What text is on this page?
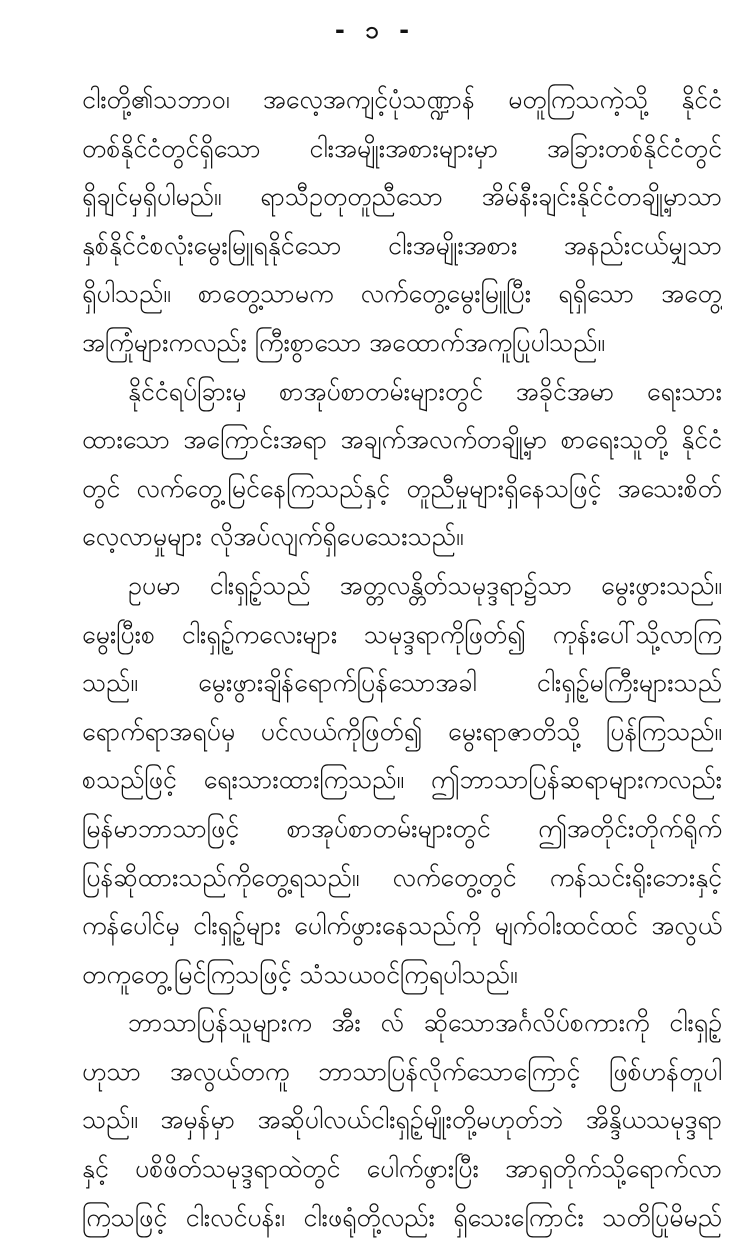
- ၁ -
ငါးတို့၏သဘာဝ၊ အလေ့အကျင့်ပုံသဏ္ဍာန် မတူကြသကဲ့သို့ နိုင်ငံ
တစ်နိုင်ငံတွင်ရှိသော ငါးအမျိုးအစားများမှာ အခြားတစ်နိုင်ငံတွင်
ရှိချင်မှရှိပါမည်။ ရာသီဥတုတူညီသော အိမ်နီးချင်းနိုင်ငံတချို့မှာသာ
နှစ်နိုင်ငံစလုံးမွေးမြူရနိုင်သော ငါးအမျိုးအစား အနည်းငယ်မျှသာ
ရှိပါသည်။ စာတွေ့သာမက လက်တွေ့မွေးမြူပြီး ရရှိသော အတွေ့
အကြုံများကလည်း ကြီးစွာသော အထောက်အကူပြုပါသည်။
နိုင်ငံရပ်ခြားမှ စာအုပ်စာတမ်းများတွင် အခိုင်အမာ ရေးသား
ထားသော အကြောင်းအရာ အချက်အလက်တချို့မှာ စာရေးသူတို့ နိုင်ငံ
တွင် လက်တွေ့မြင်နေကြသည်နှင့် တူညီမှုများရှိနေသဖြင့် အသေးစိတ်
လေ့လာမှုများ လိုအပ်လျက်ရှိပေသေးသည်။
ဥပမာ ငါးရှဉ့်သည် အတ္တလန္တိတ်သမုဒ္ဒရာ၌သာ မွေးဖွားသည်။
မွေးပြီးစ ငါးရှဉ့်ကလေးများ သမုဒ္ဒရာကိုဖြတ်၍ ကုန်းပေါ်သို့လာကြ
သည်။ မွေးဖွားချိန်ရောက်ပြန်သောအခါ ငါးရှဉ့်မကြီးများသည်
ရောက်ရာအရပ်မှ ပင်လယ်ကိုဖြတ်၍ မွေးရာဇာတိသို့ ပြန်ကြသည်။
စသည်ဖြင့် ရေးသားထားကြသည်။ ဤဘာသာပြန်ဆရာများကလည်း
မြန်မာဘာသာဖြင့် စာအုပ်စာတမ်းများတွင် ဤအတိုင်းတိုက်ရိုက်
ပြန်ဆိုထားသည်ကိုတွေ့ရသည်။ လက်တွေ့တွင် ကန်သင်းရိုးဘေးနှင့်
ကန်ပေါင်မှ ငါးရှဉ့်များ ပေါက်ဖွားနေသည်ကို မျက်ဝါးထင်ထင် အလွယ်
တကူတွေ့မြင်ကြသဖြင့် သံသယဝင်ကြရပါသည်။
ဘာသာပြန်သူများက အီး လ် ဆိုသောအင်္ဂလိပ်စကားကို ငါးရှဉ့်
ဟုသာ အလွယ်တကူ ဘာသာပြန်လိုက်သောကြောင့် ဖြစ်ဟန်တူပါ
သည်။ အမှန်မှာ အဆိုပါလယ်ငါးရှဉ့်မျိုးတို့မဟုတ်ဘဲ အိန္ဒိယသမုဒ္ဒရာ
နှင့် ပစိဖိတ်သမုဒ္ဒရာထဲတွင် ပေါက်ဖွားပြီး အာရှတိုက်သို့ရောက်လာ
ကြသဖြင့် ငါးလင်ပန်း၊ ငါးဖရုံတို့လည်း ရှိသေးကြောင်း သတိပြုမိမည်
